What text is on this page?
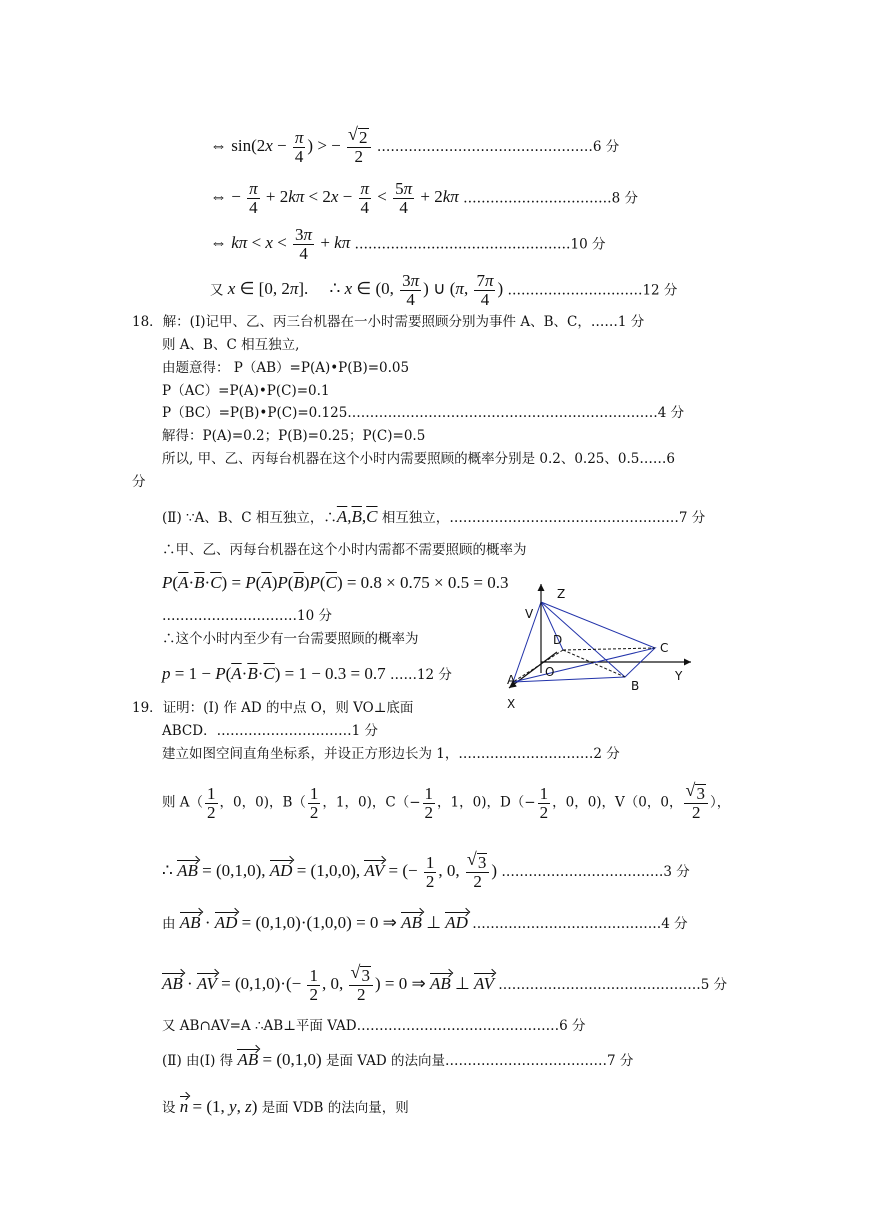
⇔ $\sin(2x - \frac{\pi}{4}$ ) > − √ $\frac{2}{2}$ …………………………………………6 分
⇔ − $\frac{\pi}{4} + 2k\pi < 2x - \frac{\pi}{4} < \frac{5\pi}{4} + 2k\pi$ ……………………………8 分
⇔ $k\pi < x < \frac{3\pi}{4} + k\pi$ …………………………………………10 分
又 x ∈ [0, 2π].     ∴ x ∈ (0, $\frac{3\pi}{4}$ ) ∪ (π, $\frac{7\pi}{4}$ ) …………………………12 分
18．解：(Ⅰ)记甲、乙、丙三台机器在一小时需要照顾分别为事件 A、B、C，……1 分
则 A、B、C 相互独立,
由题意得： P（AB）=P(A)•P(B)=0.05
P（AC）=P(A)•P(C)=0.1
P（BC）=P(B)•P(C)=0.125……………………………………………………………4 分
解得：P(A)=0.2；P(B)=0.25；P(C)=0.5
所以, 甲、乙、丙每台机器在这个小时内需要照顾的概率分别是 0.2、0.25、0.5……6
分
(Ⅱ) ∵A、B、C 相互独立，$\therefore\overline{A},\overline{B},\overline{C}$ 相互独立，……………………………………………7 分
∴甲、乙、丙每台机器在这个小时内需都不需要照顾的概率为
$P(\overline{A}\cdot\overline{B}\cdot\overline{C}) = P(\overline{A})P(\overline{B})P(\overline{C}) = 0.8 \times 0.75 \times 0.5 = 0.3$
…………………………10 分
∴这个小时内至少有一台需要照顾的概率为
$p = 1 - P(\overline{A}\cdot\overline{B}\cdot\overline{C}) = 1 - 0.3 = 0.7$ ……12 分
Z
V
D
O
C
A	B
Y
X
19．证明：(Ⅰ) 作 AD 的中点 O，则 VO⊥底面
ABCD．…………………………1 分
建立如图空间直角坐标系，并设正方形边长为 1，…………………………2 分
则 $A( \frac{1}{2}$ ，0，0)，$B( \frac{1}{2}$ ，1，0)，$C(- \frac{1}{2}$ ，1，0)，$D(- \frac{1}{2}$ ，0，0)，V（0，0， √ $\frac{3}{2}$ ），
∴ AB = (0,1,0), AD = (1,0,0), AV = (− $\frac{1}{2}$ , 0, √ $\frac{3}{2}$ ) ………………………………3 分
由 AB · AD = (0,1,0)·(1,0,0) = 0 ⇒ AB ⊥ AD ……………………………………4 分
AB · AV = $(0,1,0)\cdot(- \frac{1}{2}$ , 0, √ $\frac{3}{2}$ ) = 0 ⇒ AB ⊥ AV ………………………………………5 分
又 AB∩AV=A ∴AB⊥平面 VAD………………………………………6 分
(Ⅱ) 由(Ⅰ) 得 AB = (0,1,0) 是面 VAD 的法向量………………………………7 分
设 n = (1, y, z) 是面 VDB 的法向量，则
